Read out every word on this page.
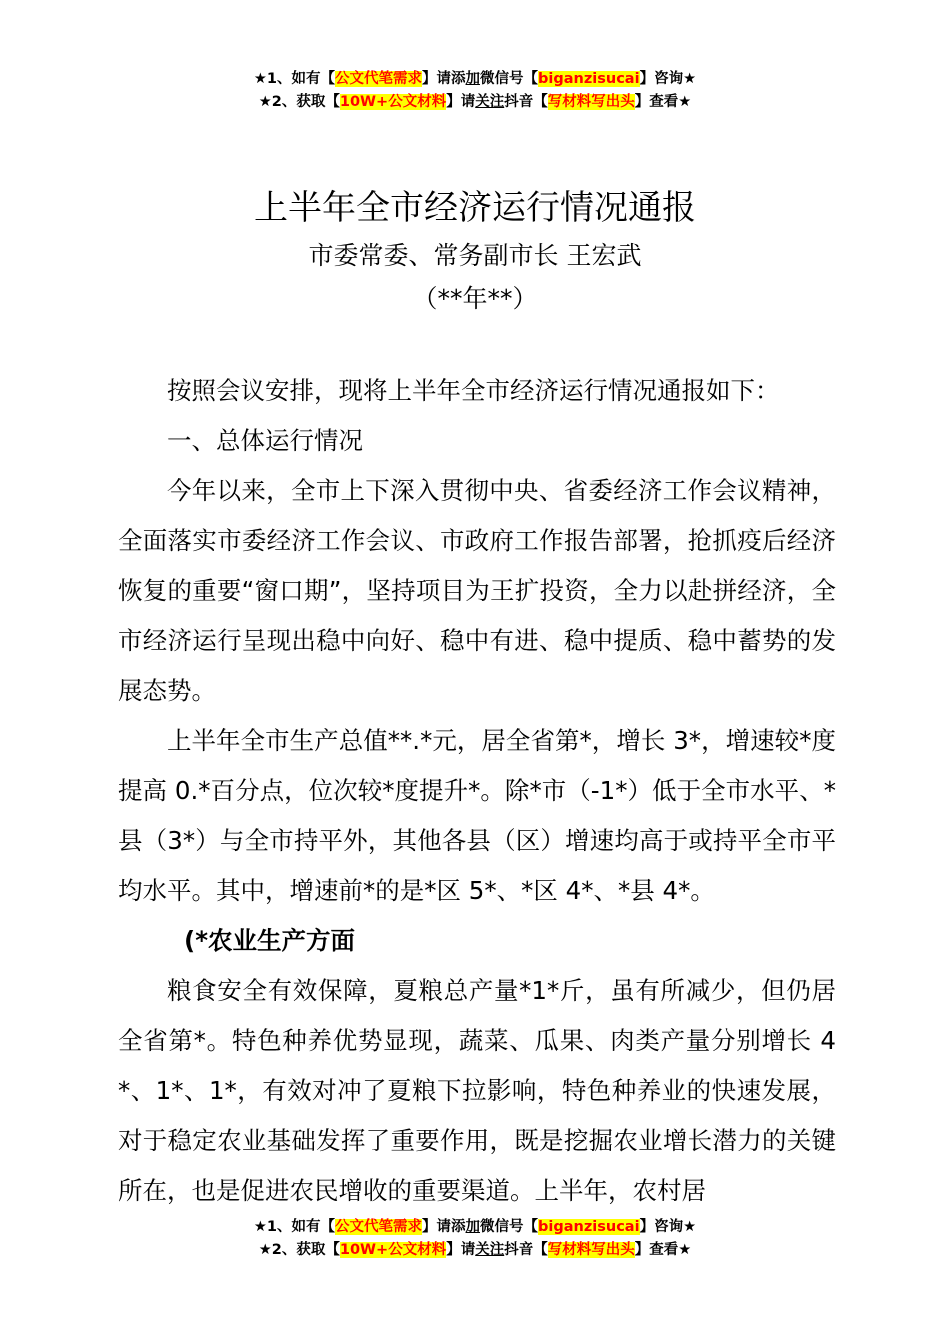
★1、如有【公文代笔需求】请添加微信号【biganzisucai】咨询★
★2、获取【10W+公文材料】请关注抖音【写材料写出头】查看★
上半年全市经济运行情况通报
市委常委、常务副市长 王宏武
（**年**）

按照会议安排，现将上半年全市经济运行情况通报如下：

一、总体运行情况

今年以来，全市上下深入贯彻中央、省委经济工作会议精神，全面落实市委经济工作会议、市政府工作报告部署，抢抓疫后经济恢复的重要“窗口期”，坚持项目为王扩投资，全力以赴拼经济，全市经济运行呈现出稳中向好、稳中有进、稳中提质、稳中蓄势的发展态势。

上半年全市生产总值**.*元，居全省第*，增长 3*，增速较*度提高 0.*百分点，位次较*度提升*。除*市（-1*）低于全市水平、*县（3*）与全市持平外，其他各县（区）增速均高于或持平全市平均水平。其中，增速前*的是*区 5*、*区 4*、*县 4*。

(*农业生产方面

粮食安全有效保障，夏粮总产量*1*斤，虽有所减少，但仍居全省第*。特色种养优势显现，蔬菜、瓜果、肉类产量分别增长 4*、1*、1*，有效对冲了夏粮下拉影响，特色种养业的快速发展，对于稳定农业基础发挥了重要作用，既是挖掘农业增长潜力的关键所在，也是促进农民增收的重要渠道。上半年，农村居

★1、如有【公文代笔需求】请添加微信号【biganzisucai】咨询★
★2、获取【10W+公文材料】请关注抖音【写材料写出头】查看★
